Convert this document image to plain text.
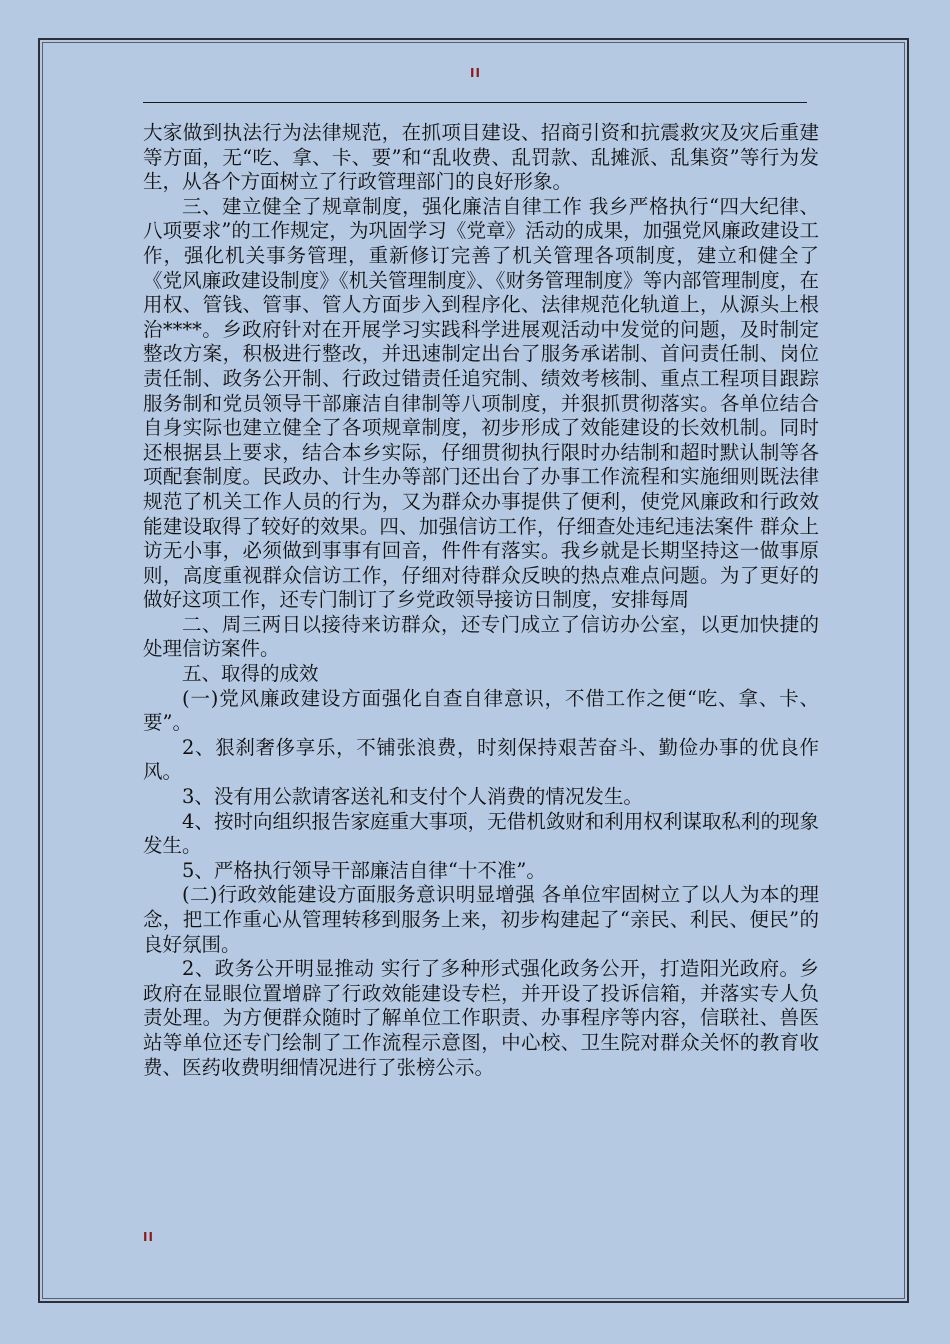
II

大家做到执法行为法律规范，在抓项目建设、招商引资和抗震救灾及灾后重建等方面，无“吃、拿、卡、要”和“乱收费、乱罚款、乱摊派、乱集资”等行为发生，从各个方面树立了行政管理部门的良好形象。

三、建立健全了规章制度，强化廉洁自律工作 我乡严格执行“四大纪律、八项要求”的工作规定，为巩固学习《党章》活动的成果，加强党风廉政建设工作，强化机关事务管理，重新修订完善了机关管理各项制度，建立和健全了《党风廉政建设制度》《机关管理制度》、《财务管理制度》等内部管理制度，在用权、管钱、管事、管人方面步入到程序化、法律规范化轨道上，从源头上根治****。乡政府针对在开展学习实践科学进展观活动中发觉的问题，及时制定整改方案，积极进行整改，并迅速制定出台了服务承诺制、首问责任制、岗位责任制、政务公开制、行政过错责任追究制、绩效考核制、重点工程项目跟踪服务制和党员领导干部廉洁自律制等八项制度，并狠抓贯彻落实。各单位结合自身实际也建立健全了各项规章制度，初步形成了效能建设的长效机制。同时还根据县上要求，结合本乡实际，仔细贯彻执行限时办结制和超时默认制等各项配套制度。民政办、计生办等部门还出台了办事工作流程和实施细则既法律规范了机关工作人员的行为，又为群众办事提供了便利，使党风廉政和行政效能建设取得了较好的效果。四、加强信访工作，仔细查处违纪违法案件 群众上访无小事，必须做到事事有回音，件件有落实。我乡就是长期坚持这一做事原则，高度重视群众信访工作，仔细对待群众反映的热点难点问题。为了更好的做好这项工作，还专门制订了乡党政领导接访日制度，安排每周

二、周三两日以接待来访群众，还专门成立了信访办公室，以更加快捷的处理信访案件。

五、取得的成效

(一)党风廉政建设方面强化自查自律意识，不借工作之便“吃、拿、卡、要”。

2、狠刹奢侈享乐，不铺张浪费，时刻保持艰苦奋斗、勤俭办事的优良作风。

3、没有用公款请客送礼和支付个人消费的情况发生。

4、按时向组织报告家庭重大事项，无借机敛财和利用权利谋取私利的现象发生。

5、严格执行领导干部廉洁自律“十不准”。

(二)行政效能建设方面服务意识明显增强 各单位牢固树立了以人为本的理念，把工作重心从管理转移到服务上来，初步构建起了“亲民、利民、便民”的良好氛围。

2、政务公开明显推动 实行了多种形式强化政务公开，打造阳光政府。乡政府在显眼位置增辟了行政效能建设专栏，并开设了投诉信箱，并落实专人负责处理。为方便群众随时了解单位工作职责、办事程序等内容，信联社、兽医站等单位还专门绘制了工作流程示意图，中心校、卫生院对群众关怀的教育收费、医药收费明细情况进行了张榜公示。

II
